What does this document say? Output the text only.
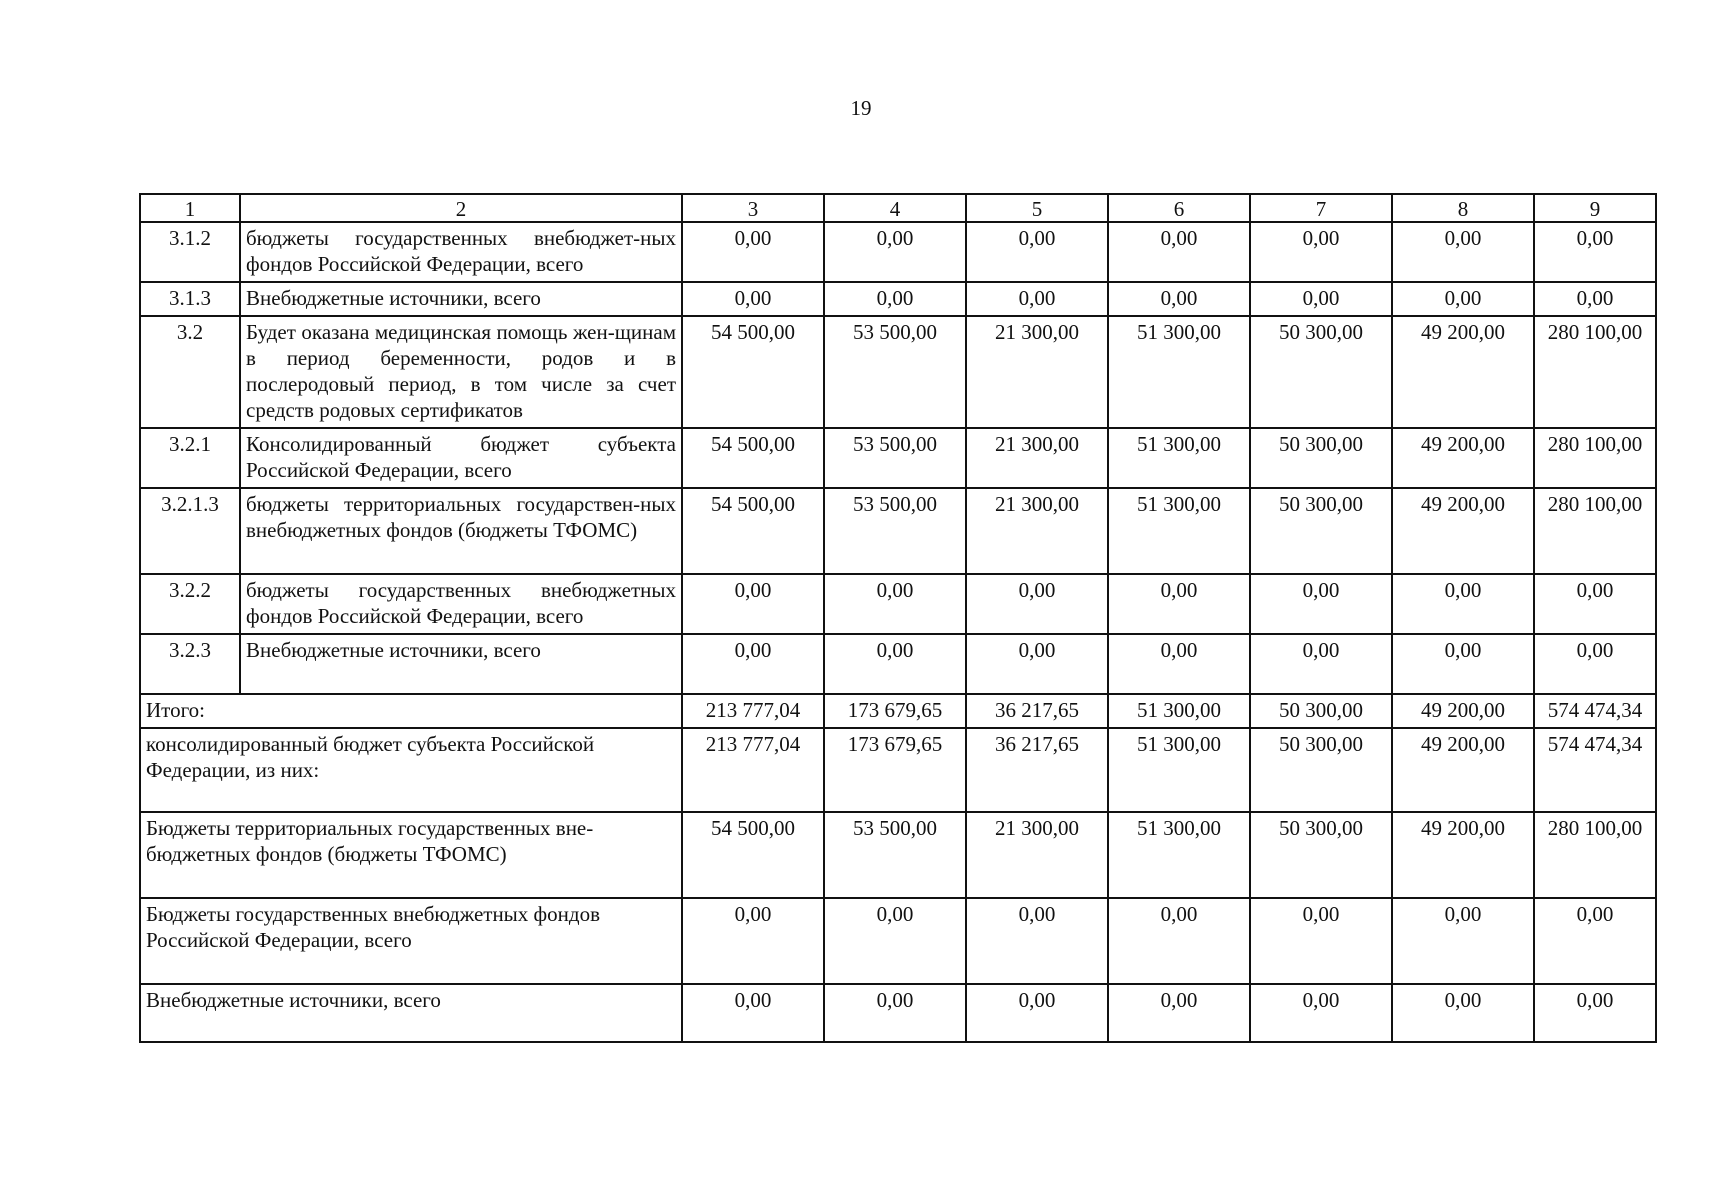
19
1	2	3	4	5	6	7	8	9
3.1.2	бюджеты государственных внебюджет-ных фондов Российской Федерации, всего	0,00	0,00	0,00	0,00	0,00	0,00	0,00
3.1.3	Внебюджетные источники, всего	0,00	0,00	0,00	0,00	0,00	0,00	0,00
3.2	Будет оказана медицинская помощь жен-щинам в период беременности, родов и в послеродовый период, в том числе за счет средств родовых сертификатов	54 500,00	53 500,00	21 300,00	51 300,00	50 300,00	49 200,00	280 100,00
3.2.1	Консолидированный бюджет субъекта Российской Федерации, всего	54 500,00	53 500,00	21 300,00	51 300,00	50 300,00	49 200,00	280 100,00
3.2.1.3	бюджеты территориальных государствен-ных внебюджетных фондов (бюджеты ТФОМС)	54 500,00	53 500,00	21 300,00	51 300,00	50 300,00	49 200,00	280 100,00
3.2.2	бюджеты государственных внебюджетных фондов Российской Федерации, всего	0,00	0,00	0,00	0,00	0,00	0,00	0,00
3.2.3	Внебюджетные источники, всего	0,00	0,00	0,00	0,00	0,00	0,00	0,00
Итого:		213 777,04	173 679,65	36 217,65	51 300,00	50 300,00	49 200,00	574 474,34
консолидированный бюджет субъекта Российской Федерации, из них:		213 777,04	173 679,65	36 217,65	51 300,00	50 300,00	49 200,00	574 474,34
Бюджеты территориальных государственных вне-бюджетных фондов (бюджеты ТФОМС)		54 500,00	53 500,00	21 300,00	51 300,00	50 300,00	49 200,00	280 100,00
Бюджеты государственных внебюджетных фондов Российской Федерации, всего		0,00	0,00	0,00	0,00	0,00	0,00	0,00
Внебюджетные источники, всего		0,00	0,00	0,00	0,00	0,00	0,00	0,00
